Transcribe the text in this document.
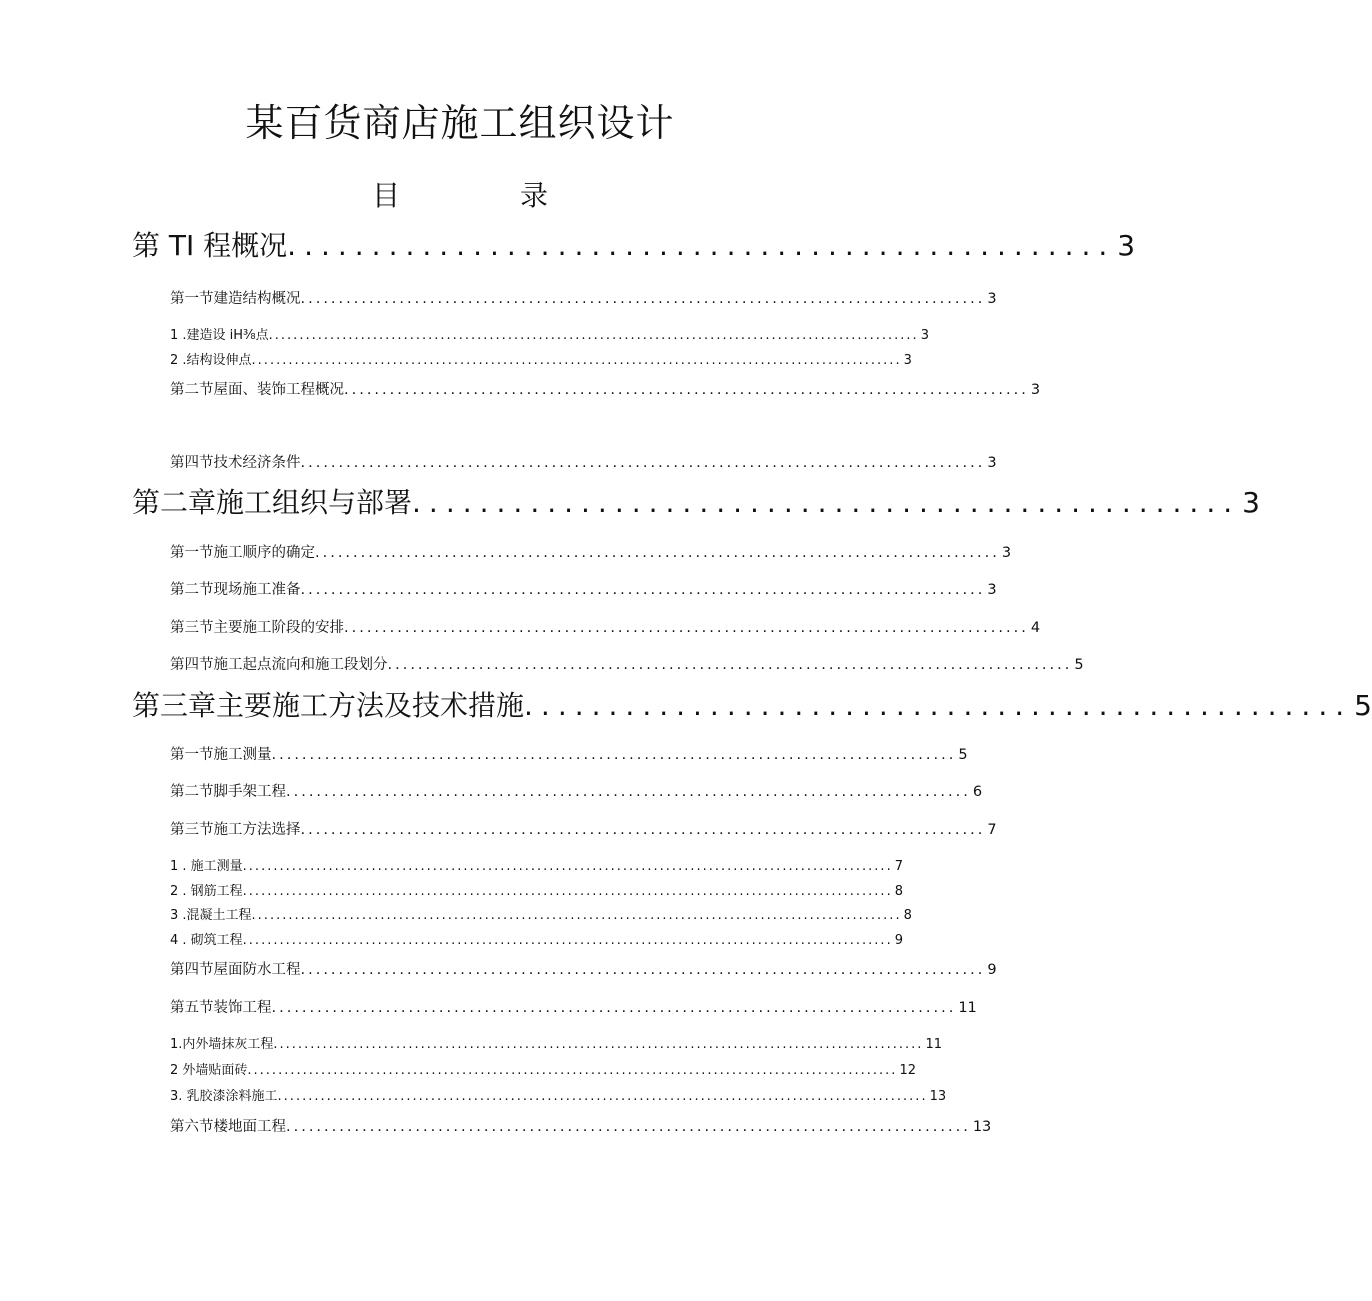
某百货商店施工组织设计
目	录
第 TI 程概况 ................................................. 3
第一节建造结构概况 .......................................................................................... 3
1 .建造设 iH⅜点 .......................................................................................................... 3
2 .结构设伸点 .......................................................................................................... 3
第二节屋面、装饰工程概况 .......................................................................................... 3
第四节技术经济条件 .......................................................................................... 3
第二章施工组织与部署 ................................................. 3
第一节施工顺序的确定 .......................................................................................... 3
第二节现场施工准备 .......................................................................................... 3
第三节主要施工阶段的安排 .......................................................................................... 4
第四节施工起点流向和施工段划分 .......................................................................................... 5
第三章主要施工方法及技术措施 ................................................. 5
第一节施工测量 .......................................................................................... 5
第二节脚手架工程 .......................................................................................... 6
第三节施工方法选择 .......................................................................................... 7
1 . 施工测量 .......................................................................................................... 7
2 . 钢筋工程 .......................................................................................................... 8
3 .混凝土工程 .......................................................................................................... 8
4 . 砌筑工程 .......................................................................................................... 9
第四节屋面防水工程 .......................................................................................... 9
第五节装饰工程 .......................................................................................... 11
1.内外墙抹灰工程 .......................................................................................................... 11
2 外墙贴面砖 .......................................................................................................... 12
3. 乳胶漆涂料施工 .......................................................................................................... 13
第六节楼地面工程 .......................................................................................... 13
